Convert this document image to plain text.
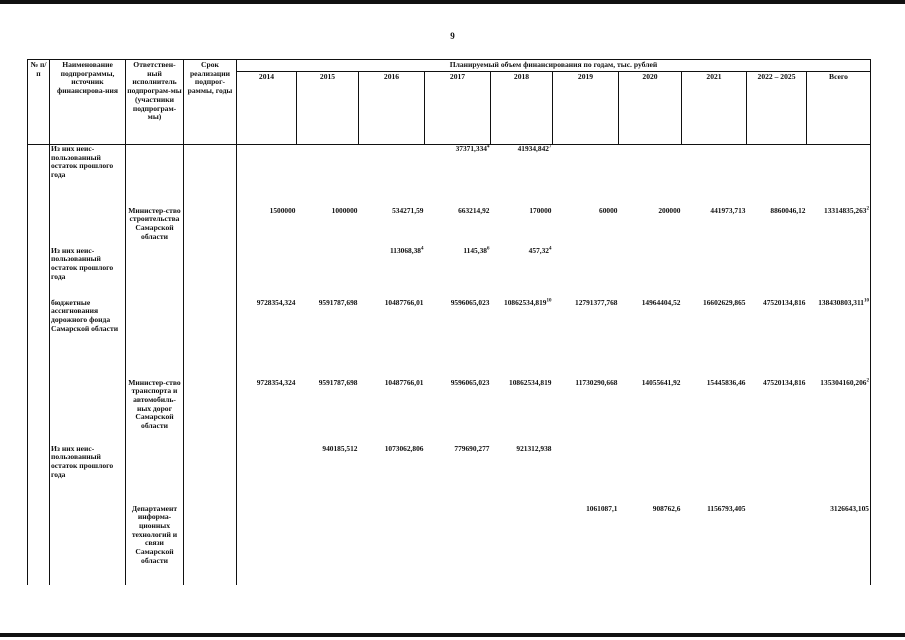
9
№ п/п	Наименование подпрограммы, источник финансирова-ния	Ответствен-ный исполнитель подпрограм-мы (участники подпрограм-мы)	Срок реализации подпрог-раммы, годы	Планируемый объем финансирования по годам, тыс. рублей									
				2014	2015	2016	2017	2018	2019	2020	2021	2022 – 2025	Всего
	Из них неис-пользованный остаток прошлого года						37371,334$^4$	41934,842$^7$					
		Министер-ство строительства Самарской области		1500000	1000000	534271,59	663214,92	170000	60000	200000	441973,713	8860046,12	13314835,263$^2$
	Из них неис-пользованный остаток прошлого года					113068,38$^4$	1145,38$^6$	457,32$^4$					
	бюджетные ассигнования дорожного фонда Самарской области			9728354,324	9591787,698	10487766,01	9596065,023	10862534,819$^{10}$	12791377,768	14964404,52	16602629,865	47520134,816	138430803,311$^{10}$
		Министер-ство транспорта и автомобиль-ных дорог Самарской области		9728354,324	9591787,698	10487766,01	9596065,023	10862534,819	11730290,668	14055641,92	15445836,46	47520134,816	135304160,206$^2$
	Из них неис-пользованный остаток прошлого года				940185,512	1073062,806	779690,277	921312,938					
		Департамент информа-ционных технологий и связи Самарской области							1061087,1	908762,6	1156793,405		3126643,105
